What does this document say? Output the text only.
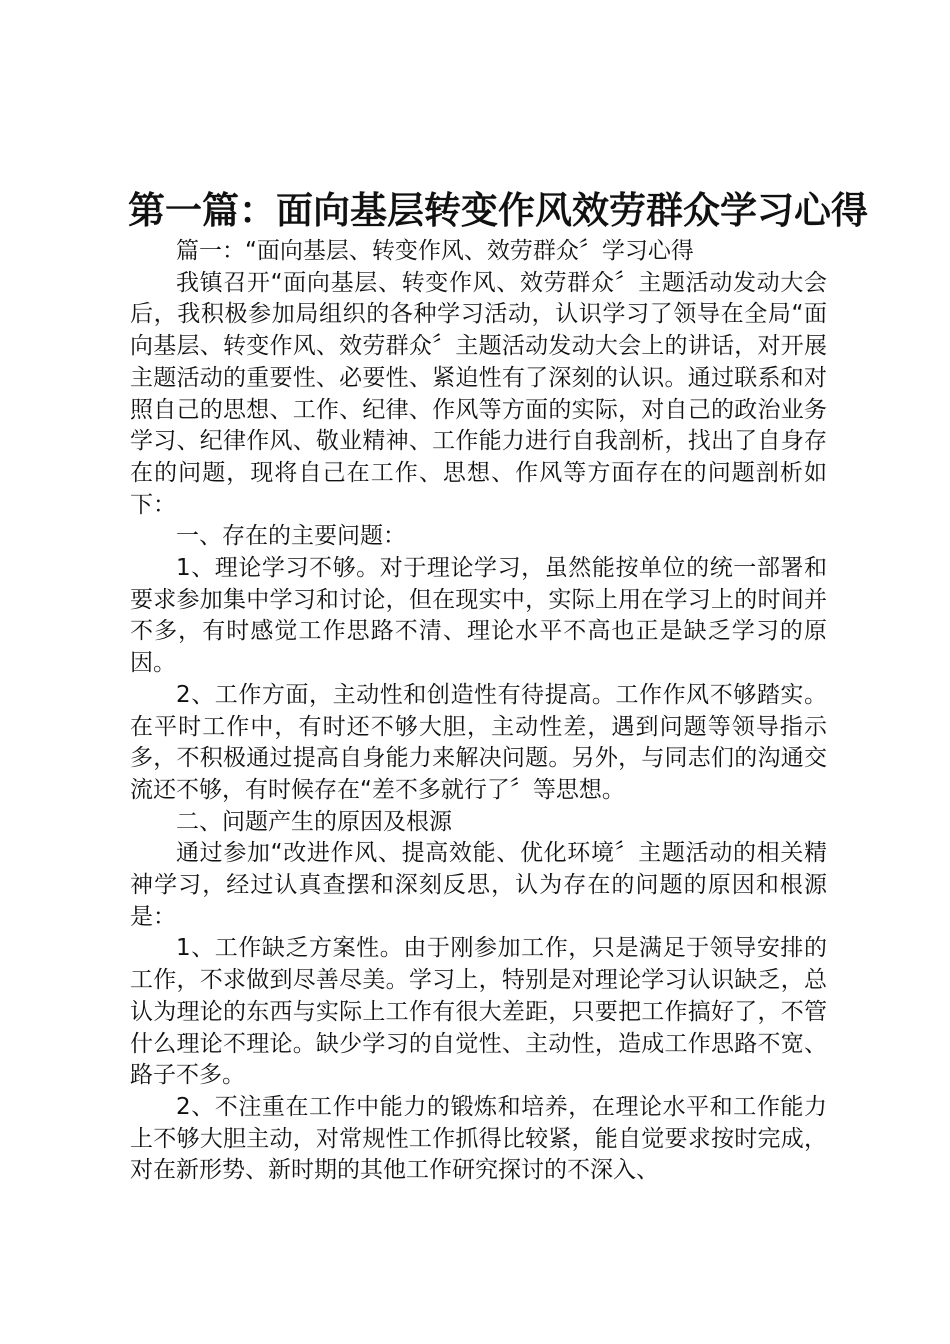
第一篇：面向基层转变作风效劳群众学习心得

篇一：“面向基层、转变作风、效劳群众〞学习心得

我镇召开“面向基层、转变作风、效劳群众〞主题活动发动大会后，我积极参加局组织的各种学习活动，认识学习了领导在全局“面向基层、转变作风、效劳群众〞主题活动发动大会上的讲话，对开展主题活动的重要性、必要性、紧迫性有了深刻的认识。通过联系和对照自己的思想、工作、纪律、作风等方面的实际，对自己的政治业务学习、纪律作风、敬业精神、工作能力进行自我剖析，找出了自身存在的问题，现将自己在工作、思想、作风等方面存在的问题剖析如下：

一、存在的主要问题：

1、理论学习不够。对于理论学习，虽然能按单位的统一部署和要求参加集中学习和讨论，但在现实中，实际上用在学习上的时间并不多，有时感觉工作思路不清、理论水平不高也正是缺乏学习的原因。

2、工作方面，主动性和创造性有待提高。工作作风不够踏实。在平时工作中，有时还不够大胆，主动性差，遇到问题等领导指示多，不积极通过提高自身能力来解决问题。另外，与同志们的沟通交流还不够，有时候存在“差不多就行了〞等思想。

二、问题产生的原因及根源

通过参加“改进作风、提高效能、优化环境〞主题活动的相关精神学习，经过认真查摆和深刻反思，认为存在的问题的原因和根源是：

1、工作缺乏方案性。由于刚参加工作，只是满足于领导安排的工作，不求做到尽善尽美。学习上，特别是对理论学习认识缺乏，总认为理论的东西与实际上工作有很大差距，只要把工作搞好了，不管什么理论不理论。缺少学习的自觉性、主动性，造成工作思路不宽、路子不多。

2、不注重在工作中能力的锻炼和培养，在理论水平和工作能力上不够大胆主动，对常规性工作抓得比较紧，能自觉要求按时完成，对在新形势、新时期的其他工作研究探讨的不深入、
